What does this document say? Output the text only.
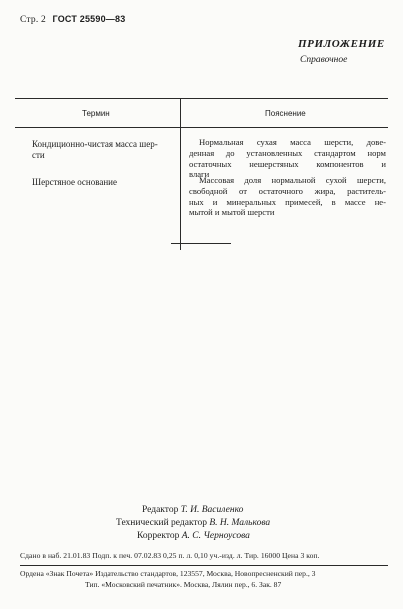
Стр. 2 ГОСТ 25590—83
ПРИЛОЖЕНИЕ
Справочное
Термин	Пояснение
Кондиционно-чистая масса шер-
сти
Нормальная сухая масса шерсти, дове-
денная до установленных стандартом норм
остаточных нешерстяных компонентов и
влаги
Шерстяное основание	Массовая доля нормальной сухой шерсти,
свободной от остаточного жира, раститель-
ных и минеральных примесей, в массе не-
мытой и мытой шерсти
Редактор Т. И. Василенко
Технический редактор В. Н. Малькова
Корректор А. С. Черноусова
Сдано в наб. 21.01.83 Подп. к печ. 07.02.83 0,25 п. л. 0,10 уч.-изд. л. Тир. 16000 Цена 3 коп.
Ордена «Знак Почета» Издательство стандартов, 123557, Москва, Новопресненский пер., 3
Тип. «Московский печатник». Москва, Лялин пер., 6. Зак. 87
